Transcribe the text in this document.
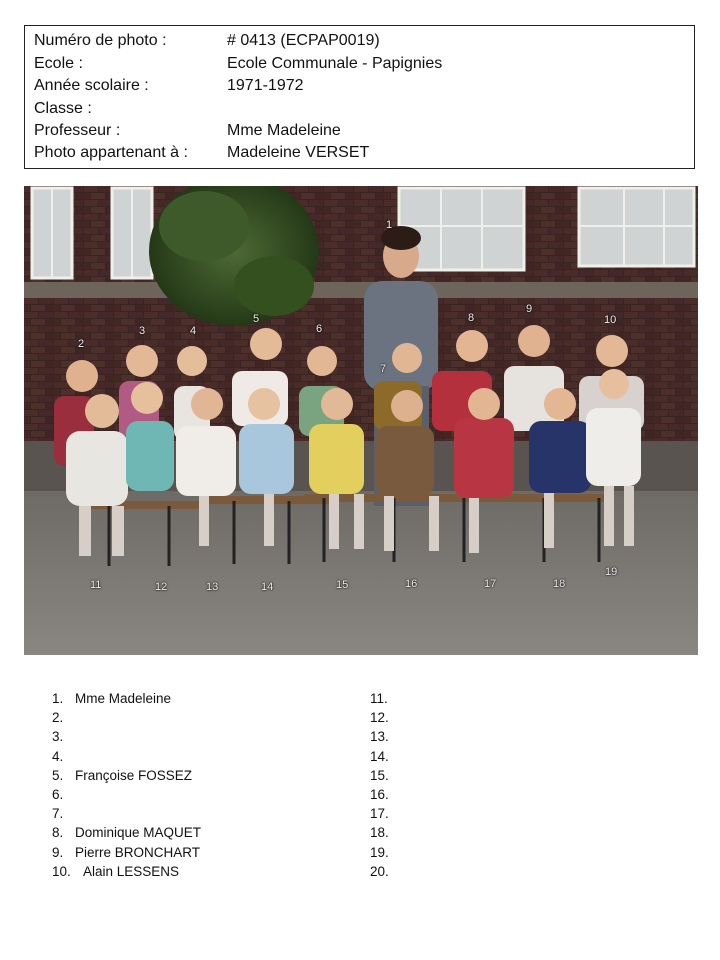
Numéro de photo :	# 0413 (ECPAP0019)
Ecole :	Ecole Communale - Papignies
Année scolaire :	1971-1972
Classe :
Professeur :	Mme Madeleine
Photo appartenant à :	Madeleine VERSET
1
2
3	4
5
6
7
8
9
10
11	12	13	14	15	16	17	18
19
1. Mme Madeleine
2.
3.
4.
5. Françoise FOSSEZ
6.
7.
8. Dominique MAQUET
9. Pierre BRONCHART
10. Alain LESSENS
11.
12.
13.
14.
15.
16.
17.
18.
19.
20.
